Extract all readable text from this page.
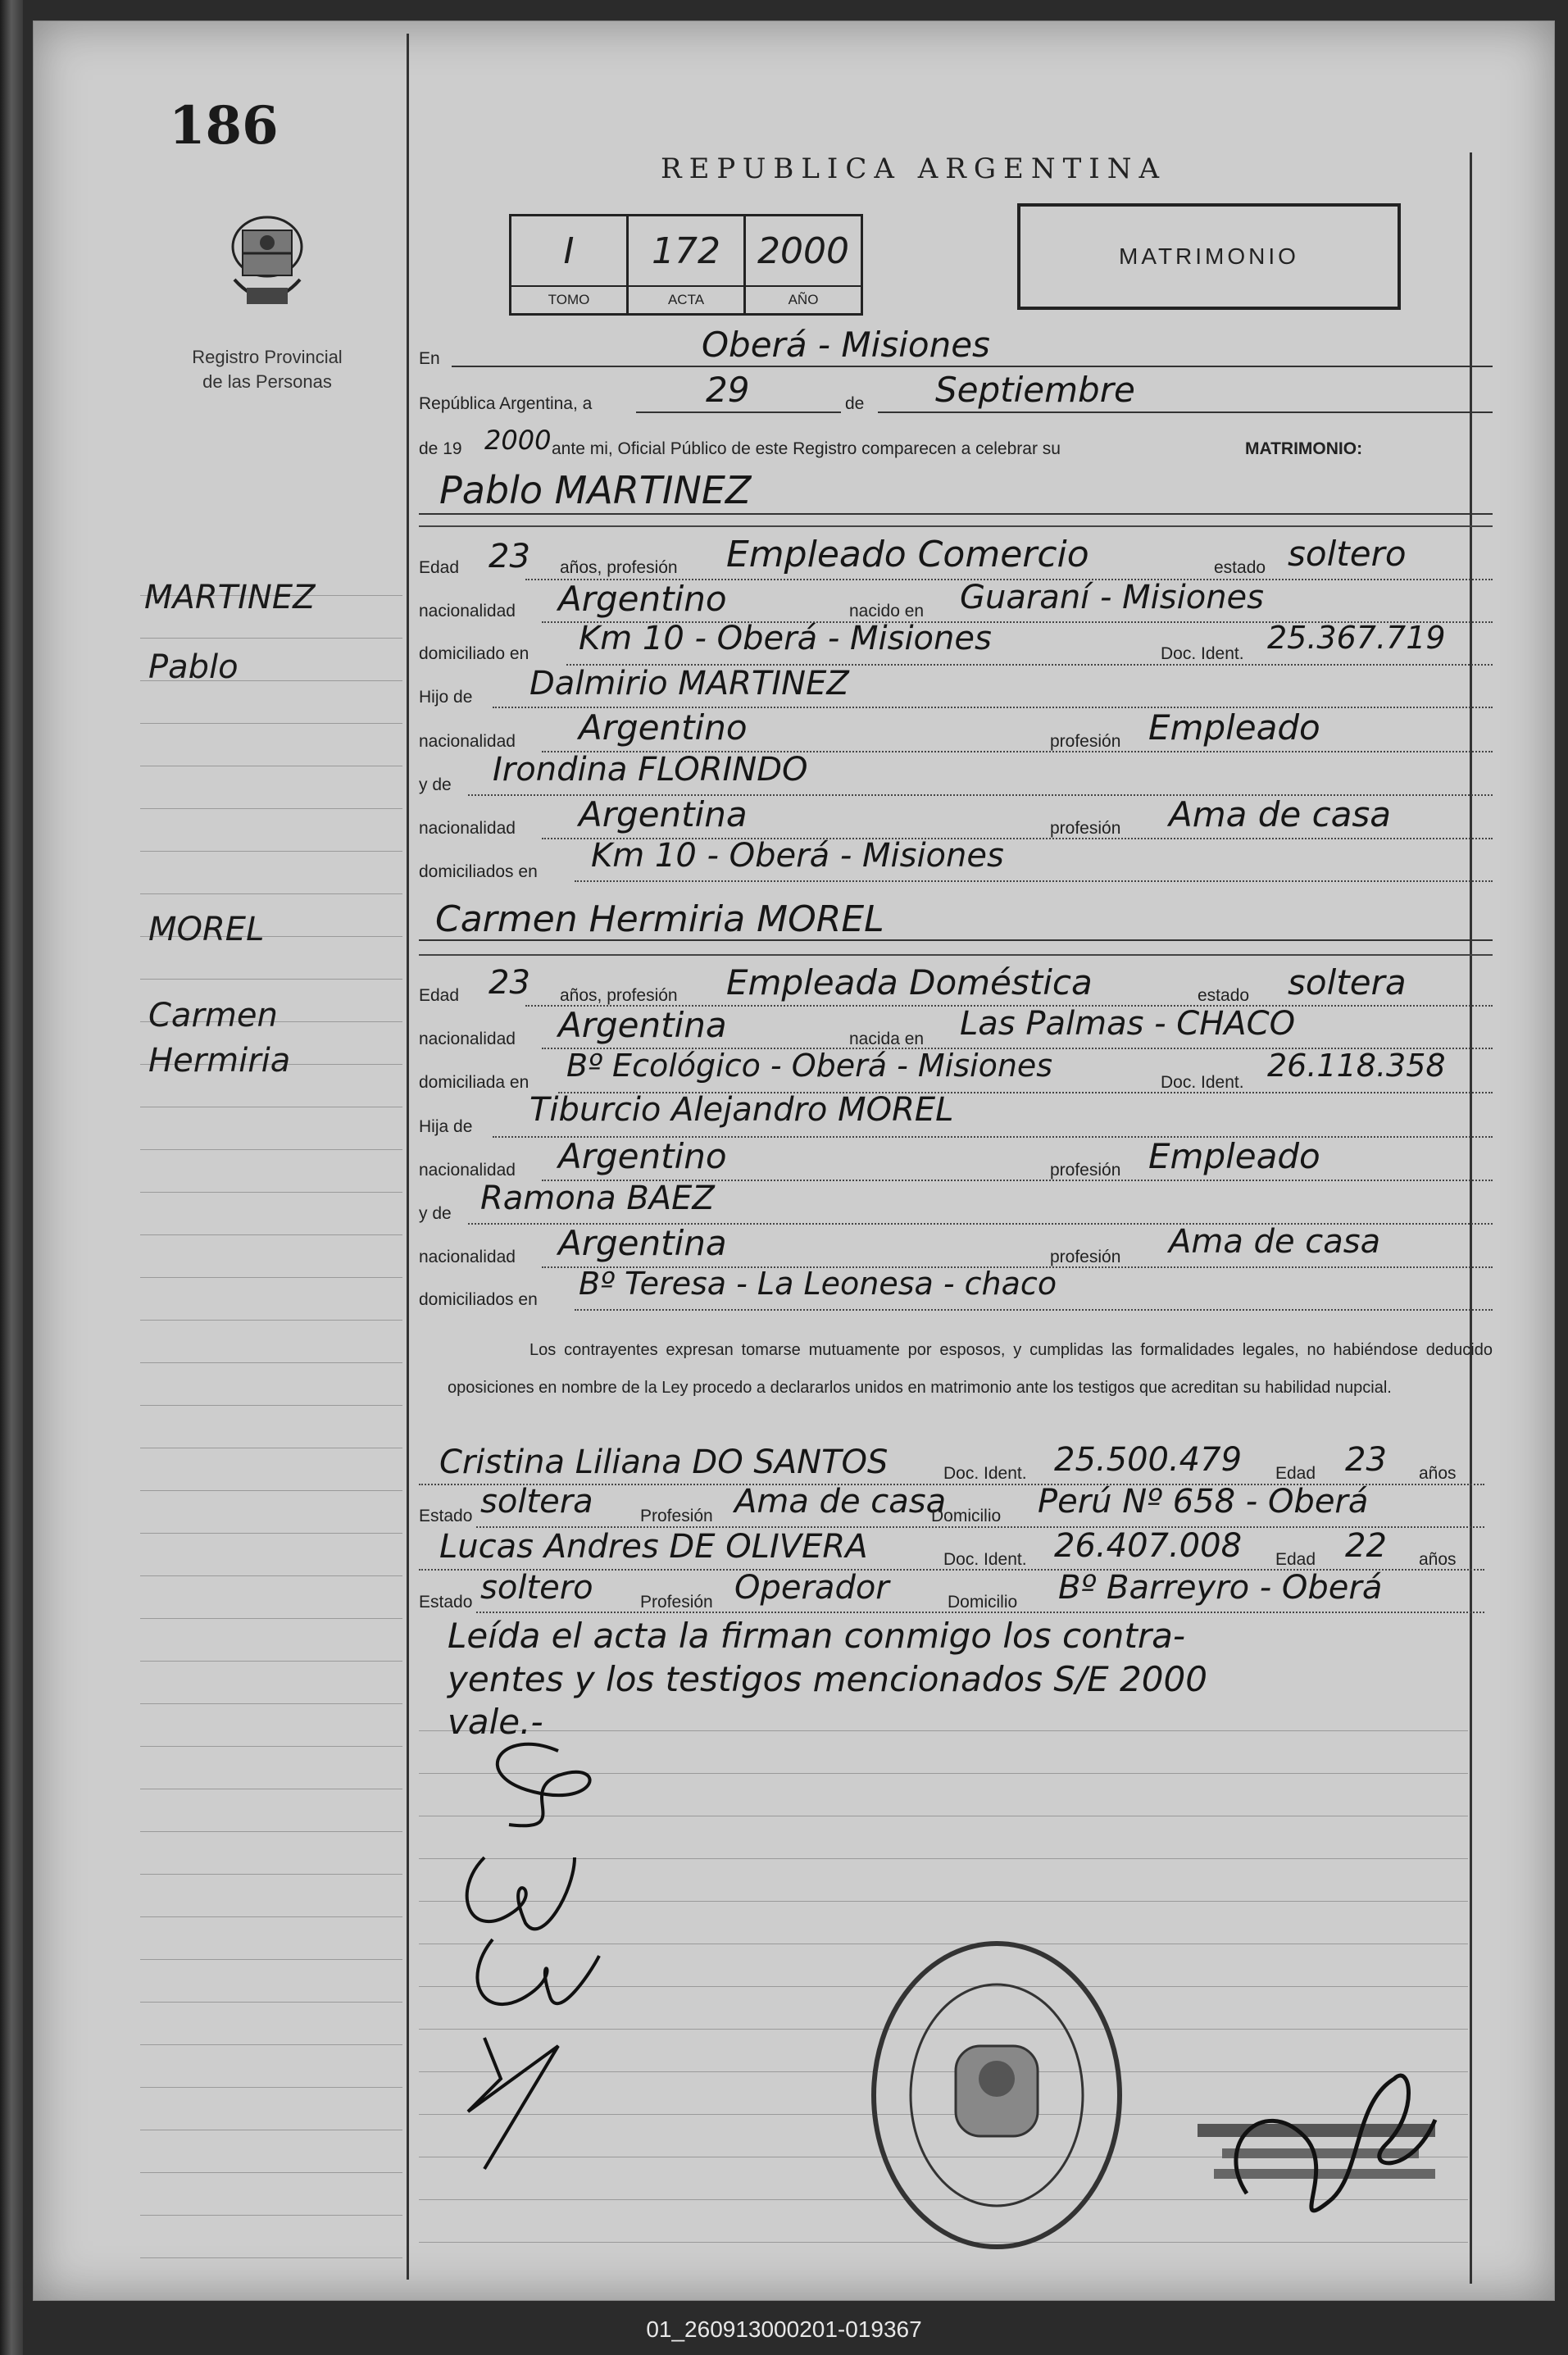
186
Registro Provincial
de las Personas
REPUBLICA ARGENTINA
I	172	2000
TOMO	ACTA	AÑO
MATRIMONIO
En	Oberá - Misiones
República Argentina, a	29	de Septiembre
de 19 2000 ante mi, Oficial Público de este Registro comparecen a celebrar su	MATRIMONIO:
Pablo MARTINEZ
Edad 23 años, profesión Empleado Comercio	estado soltero
nacionalidad Argentino	nacido en Guaraní - Misiones
domiciliado en Km 10 - Oberá - Misiones	Doc. Ident. 25.367.719
Hijo de Dalmirio MARTINEZ
nacionalidad Argentino	profesión Empleado
y de Irondina FLORINDO
nacionalidad Argentina	profesión Ama de casa
domiciliados en Km 10 - Oberá - Misiones
Carmen Hermiria MOREL
Edad 23 años, profesión Empleada Doméstica	estado soltera
nacionalidad Argentina	nacida en Las Palmas - CHACO
domiciliada en Bº Ecológico - Oberá - Misiones	Doc. Ident. 26.118.358
Hija de Tiburcio Alejandro MOREL
nacionalidad Argentino	profesión Empleado
y de Ramona BAEZ
nacionalidad Argentina	profesión Ama de casa
domiciliados en Bº Teresa - La Leonesa - chaco
Los contrayentes expresan tomarse mutuamente por esposos, y cumplidas las formalidades legales, no habiéndose deducido oposiciones en nombre de la Ley procedo a declararlos unidos en matrimonio ante los testigos que acreditan su habilidad nupcial.
Cristina Liliana DO SANTOS	Doc. Ident. 25.500.479 Edad 23 años
Estado soltera	Profesión Ama de casa
Domicilio Perú Nº 658 - Oberá
Lucas Andres DE OLIVERA	Doc. Ident. 26.407.008 Edad 22 años
Estado soltero	Profesión Operador	Domicilio Bº Barreyro - Oberá
Leída el acta la firman conmigo los contra-
yentes y los testigos mencionados S/E 2000
vale.-
MARTINEZ
Pablo
MOREL
Carmen
Hermiria
01_260913000201-019367
